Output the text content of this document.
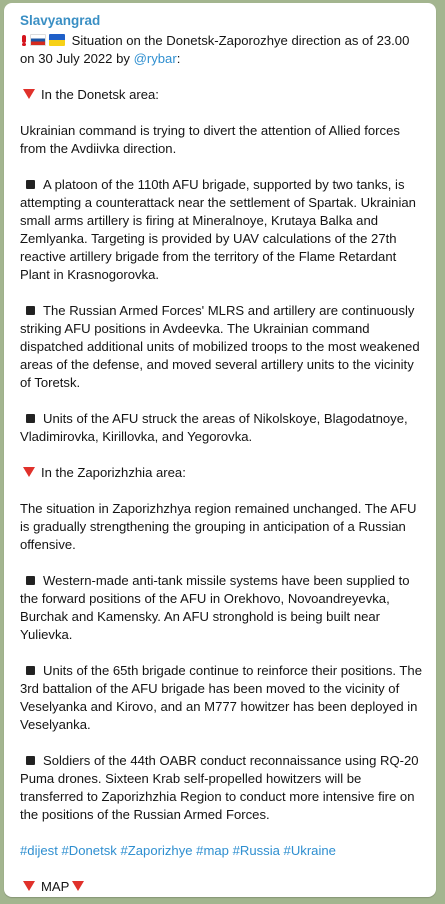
Slavyangrad
Situation on the Donetsk-Zaporozhye direction as of 23.00 on 30 July 2022 by @rybar:
In the Donetsk area:
Ukrainian command is trying to divert the attention of Allied forces from the Avdiivka direction.
A platoon of the 110th AFU brigade, supported by two tanks, is attempting a counterattack near the settlement of Spartak. Ukrainian small arms artillery is firing at Mineralnoye, Krutaya Balka and Zemlyanka. Targeting is provided by UAV calculations of the 27th reactive artillery brigade from the territory of the Flame Retardant Plant in Krasnogorovka.
The Russian Armed Forces' MLRS and artillery are continuously striking AFU positions in Avdeevka. The Ukrainian command dispatched additional units of mobilized troops to the most weakened areas of the defense, and moved several artillery units to the vicinity of Toretsk.
Units of the AFU struck the areas of Nikolskoye, Blagodatnoye, Vladimirovka, Kirillovka, and Yegorovka.
In the Zaporizhzhia area:
The situation in Zaporizhzhya region remained unchanged. The AFU is gradually strengthening the grouping in anticipation of a Russian offensive.
Western-made anti-tank missile systems have been supplied to the forward positions of the AFU in Orekhovo, Novoandreyevka, Burchak and Kamensky. An AFU stronghold is being built near Yulievka.
Units of the 65th brigade continue to reinforce their positions. The 3rd battalion of the AFU brigade has been moved to the vicinity of Veselyanka and Kirovo, and an M777 howitzer has been deployed in Veselyanka.
Soldiers of the 44th OABR conduct reconnaissance using RQ-20 Puma drones. Sixteen Krab self-propelled howitzers will be transferred to Zaporizhzhia Region to conduct more intensive fire on the positions of the Russian Armed Forces.
#dijest #Donetsk #Zaporizhye #map #Russia #Ukraine
MAP
